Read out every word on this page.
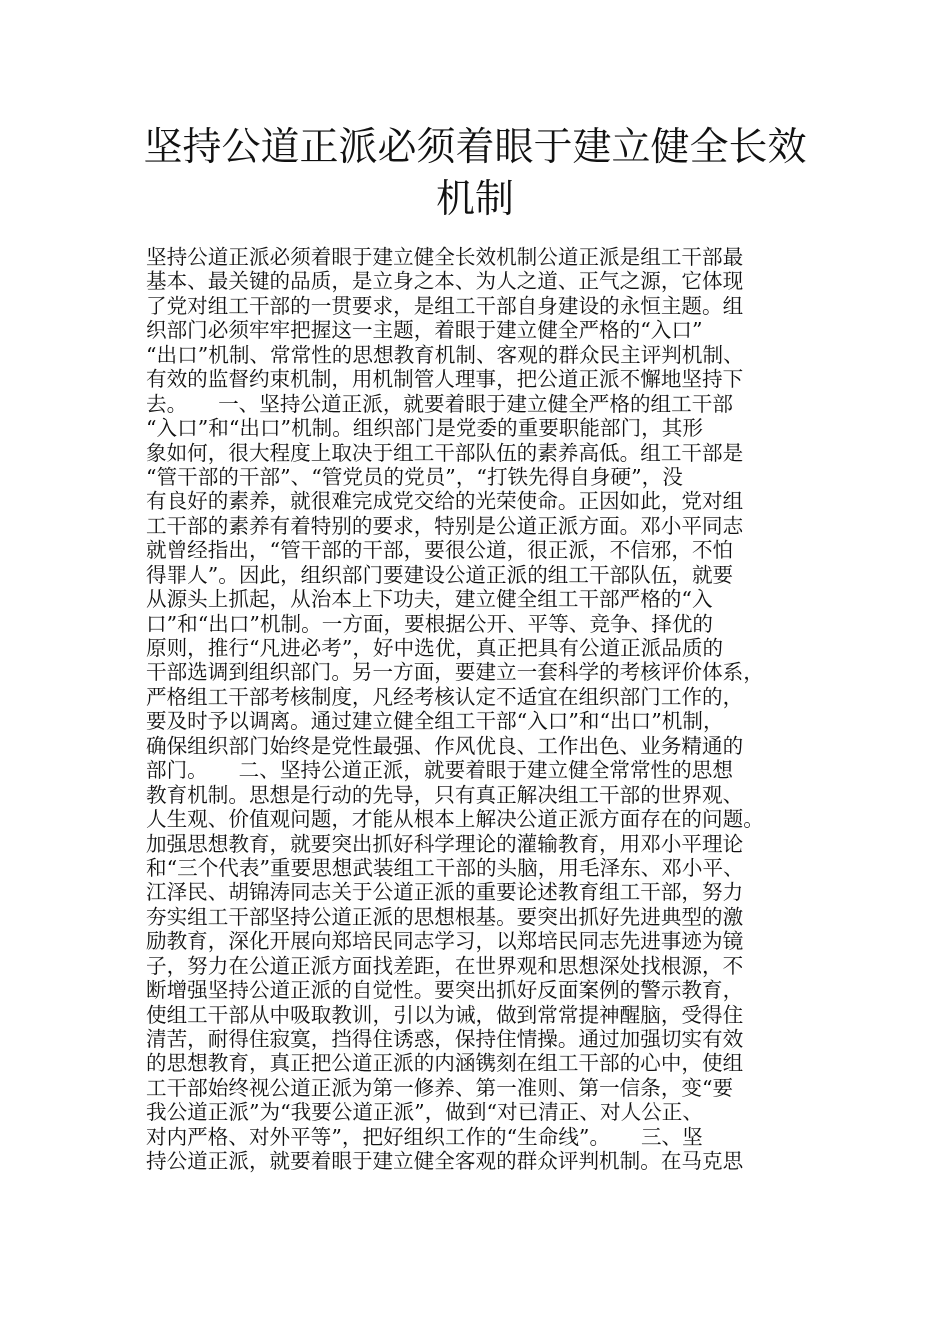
坚持公道正派必须着眼于建立健全长效
机制
坚持公道正派必须着眼于建立健全长效机制公道正派是组工干部最
基本、最关键的品质，是立身之本、为人之道、正气之源，它体现
了党对组工干部的一贯要求，是组工干部自身建设的永恒主题。组
织部门必须牢牢把握这一主题，着眼于建立健全严格的“入口”
“出口”机制、常常性的思想教育机制、客观的群众民主评判机制、
有效的监督约束机制，用机制管人理事，把公道正派不懈地坚持下
去。　　一、坚持公道正派，就要着眼于建立健全严格的组工干部
“入口”和“出口”机制。组织部门是党委的重要职能部门，其形
象如何，很大程度上取决于组工干部队伍的素养高低。组工干部是
“管干部的干部”、“管党员的党员”，“打铁先得自身硬”，没
有良好的素养，就很难完成党交给的光荣使命。正因如此，党对组
工干部的素养有着特别的要求，特别是公道正派方面。邓小平同志
就曾经指出，“管干部的干部，要很公道，很正派，不信邪，不怕
得罪人”。因此，组织部门要建设公道正派的组工干部队伍，就要
从源头上抓起，从治本上下功夫，建立健全组工干部严格的“入
口”和“出口”机制。一方面，要根据公开、平等、竞争、择优的
原则，推行“凡进必考”，好中选优，真正把具有公道正派品质的
干部选调到组织部门。另一方面，要建立一套科学的考核评价体系，
严格组工干部考核制度，凡经考核认定不适宜在组织部门工作的，
要及时予以调离。通过建立健全组工干部“入口”和“出口”机制，
确保组织部门始终是党性最强、作风优良、工作出色、业务精通的
部门。　　二、坚持公道正派，就要着眼于建立健全常常性的思想
教育机制。思想是行动的先导，只有真正解决组工干部的世界观、
人生观、价值观问题，才能从根本上解决公道正派方面存在的问题。
加强思想教育，就要突出抓好科学理论的灌输教育，用邓小平理论
和“三个代表”重要思想武装组工干部的头脑，用毛泽东、邓小平、
江泽民、胡锦涛同志关于公道正派的重要论述教育组工干部，努力
夯实组工干部坚持公道正派的思想根基。要突出抓好先进典型的激
励教育，深化开展向郑培民同志学习，以郑培民同志先进事迹为镜
子，努力在公道正派方面找差距，在世界观和思想深处找根源，不
断增强坚持公道正派的自觉性。要突出抓好反面案例的警示教育，
使组工干部从中吸取教训，引以为诫，做到常常提神醒脑，受得住
清苦，耐得住寂寞，挡得住诱惑，保持住情操。通过加强切实有效
的思想教育，真正把公道正派的内涵镌刻在组工干部的心中，使组
工干部始终视公道正派为第一修养、第一准则、第一信条，变“要
我公道正派”为“我要公道正派”，做到“对已清正、对人公正、
对内严格、对外平等”，把好组织工作的“生命线”。　　三、坚
持公道正派，就要着眼于建立健全客观的群众评判机制。在马克思
